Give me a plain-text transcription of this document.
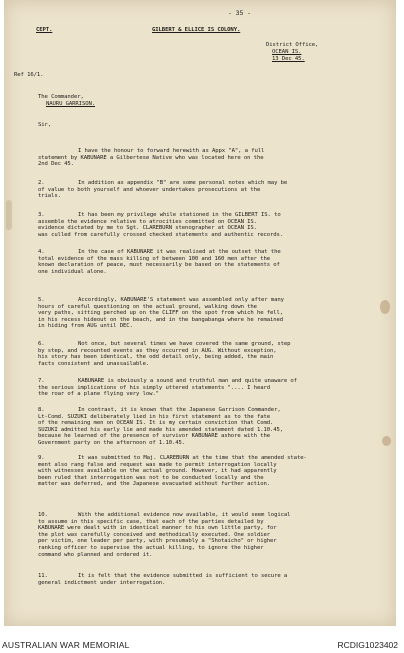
- 35 -
CEPT.	GILBERT & ELLICE IS COLONY.
District Office,
OCEAN IS.
13 Dec 45.
Ref 16/1.
The Commander,
NAURU GARRISON.
Sir,
I have the honour to forward herewith as Appx "A", a full
statement by KABUNARE a Gilbertese Native who was located here on the
2nd Dec 45.
2.	In addition as appendix "B" are some personal notes which may be
of value to both yourself and whoever undertakes prosecutions at the
trials.
3.	It has been my privilege while stationed in the GILBERT IS. to
assemble the evidence relative to atrocities committed on OCEAN IS.
evidence dictated by me to Sgt. CLAREBURN stenographer at OCEAN IS.
was culled from carefully crossed checked statements and authentic records.
4.	In the case of KABUNARE it was realised at the outset that the
total evidence of the mass killing of between 100 and 160 men after the
known declaration of peace, must necessarily be based on the statements of
one individual alone.
5.	Accordingly, KABUNARE'S statement was assembled only after many
hours of careful questioning on the actual ground, walking down the
very paths, sitting perched up on the CLIFF on the spot from which he fell,
in his recess hideout on the beach, and in the bangabanga where he remained
in hiding from AUG until DEC.
6.	Not once, but several times we have covered the same ground, step
by step, and recounted events as they occurred in AUG. Without exception,
his story has been identical, the odd detail only, being added, the main
facts consistent and unassailable.
7.	KABUNARE is obviously a sound and truthful man and quite unaware of
the serious implications of his simply uttered statements ".... I heard
the roar of a plane flying very low."
8.	In contrast, it is known that the Japanese Garrison Commander,
Lt-Comd. SUZUKI deliberately lied in his first statement as to the fate
of the remaining men on OCEAN IS. It is my certain conviction that Comd.
SUZUKI admitted his early lie and made his amended statement dated 1.10.45,
because he learned of the presence of survivor KABUNARE ashore with the
Government party on the afternoon of 1.10.45.
9.	It was submitted to Maj. CLAREBURN at the time that the amended state-
ment also rang false and request was made to permit interrogation locally
with witnesses available on the actual ground. However, it had apparently
been ruled that interrogation was not to be conducted locally and the
matter was deferred, and the Japanese evacuated without further action.
10.	With the additional evidence now available, it would seem logical
to assume in this specific case, that each of the parties detailed by
KABUNARE were dealt with in identical manner to his own little party, for
the plot was carefully conceived and methodically executed. One soldier
per victim, one leader per party, with presumably a "Shotaicho" or higher
ranking officer to supervise the actual killing, to ignore the higher
command who planned and ordered it.
11.	It is felt that the evidence submitted is sufficient to secure a
general indictment under interrogation.
AUSTRALIAN WAR MEMORIAL	RCDIG1023402
